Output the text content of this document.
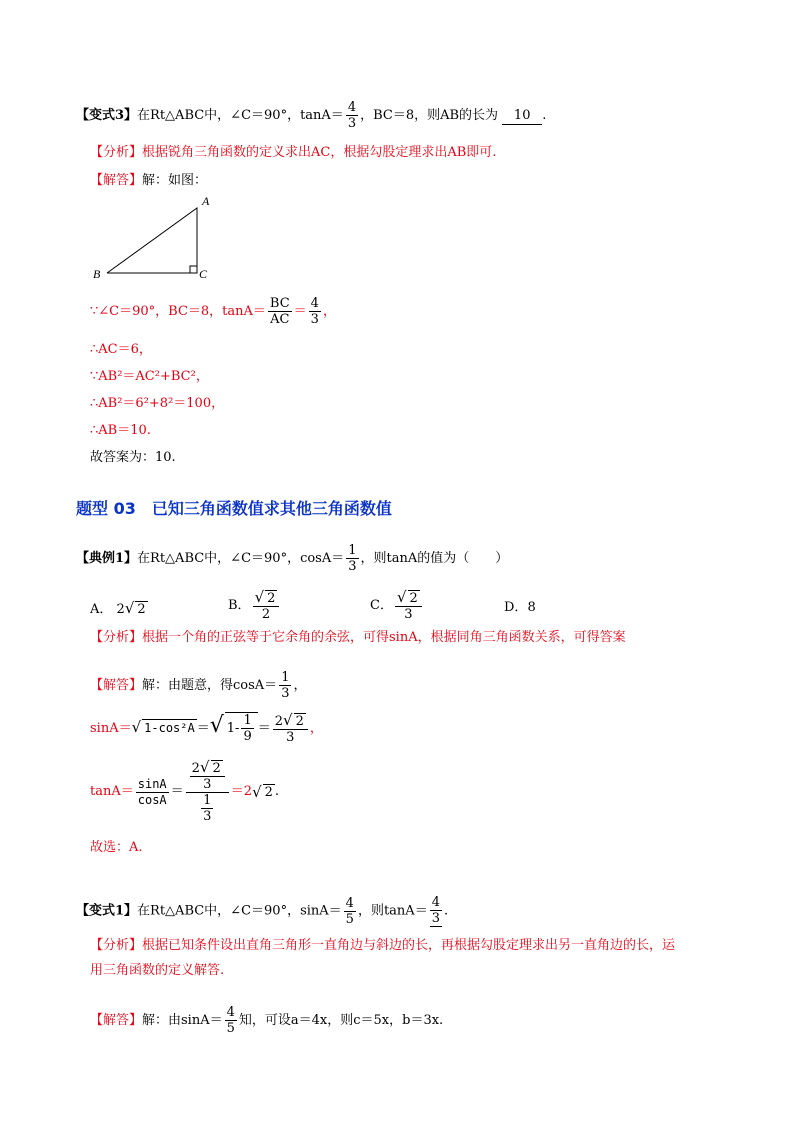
【变式3】在Rt△ABC中，∠C＝90°，$\tan A= \frac{4}{3}$ ，BC＝8，则AB的长为 10 .
【分析】根据锐角三角函数的定义求出AC，根据勾股定理求出AB即可.
【解答】解：如图：
A
B	C
∵∠C＝90°，BC＝8，$\tan A= \frac{BC}{AC} = \frac{4}{3}$ ，
∴AC＝6，
∵AB²＝AC²+BC²，
∴AB²＝6²+8²＝100，
∴AB＝10.
故答案为：10.
题型 03　已知三角函数值求其他三角函数值
【典例1】在Rt△ABC中，∠C＝90°，$\cos A= \frac{1}{3}$ ，则tanA的值为（　　）
A． 2√ 2	B． $\frac{√ 2}{2}$	C． $\frac{√ 2}{3}$	D．8
【分析】根据一个角的正弦等于它余角的余弦，可得sinA，根据同角三角函数关系，可得答案
【解答】解：由题意，得$\cos A= \frac{1}{3}$ ，
sinA＝√ 1-cos²A ＝√ $1- \frac{1}{9} = \frac{2√ 2}{3}$ ，
$\tan A= \frac{\sin A}{\cos A} = \frac{\frac{2√ 2}{3}}{\frac{1}{3}} =2√$ 2 .
故选：A.
【变式1】在Rt△ABC中，∠C＝90°，$\sin A= \frac{4}{5}$ ，则$\tan A= \frac{4}{3}$ .
【分析】根据已知条件设出直角三角形一直角边与斜边的长，再根据勾股定理求出另一直角边的长，运
用三角函数的定义解答.
【解答】解：由$\sin A= \frac{4}{5}$ 知，可设a＝4x，则c＝5x，b＝3x.
